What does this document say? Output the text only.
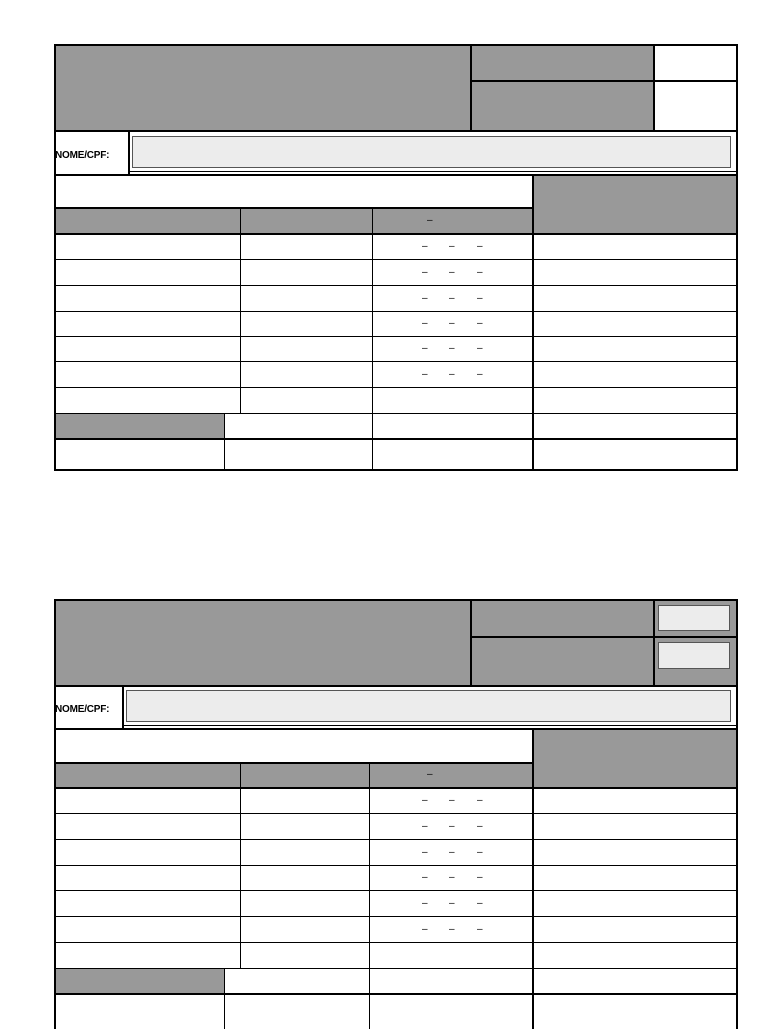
NOME/CPF:
–
– – –
– – –
– – –
– – –
– – –
– – –
NOME/CPF:
–
– – –
– – –
– – –
– – –
– – –
– – –
